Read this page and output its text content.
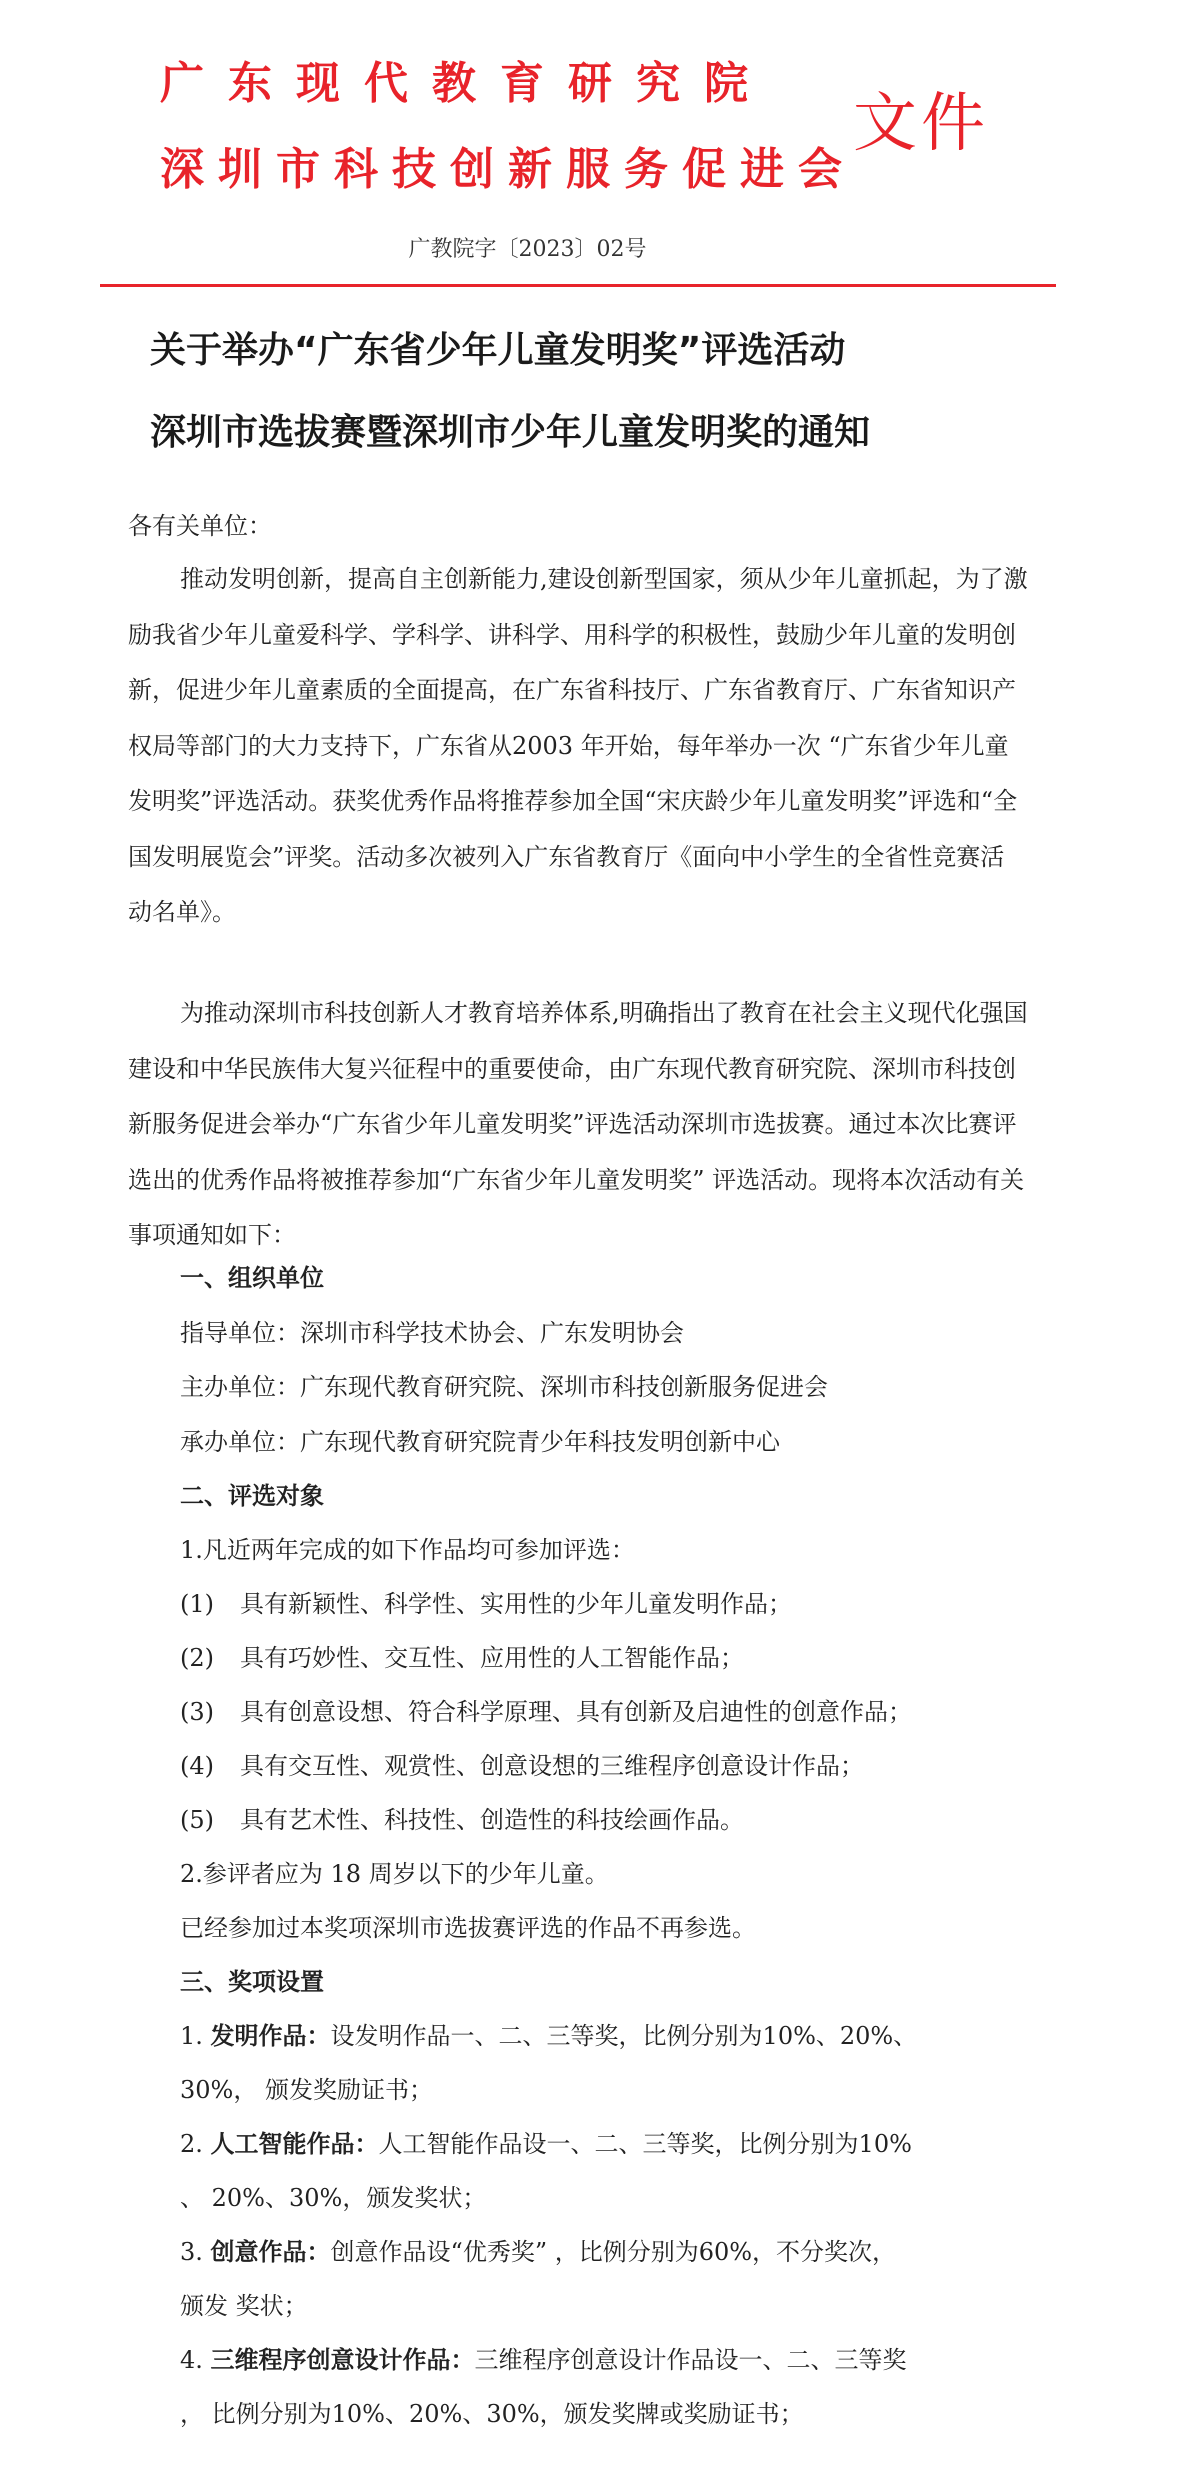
广东现代教育研究院
深圳市科技创新服务促进会
文件
广教院字〔2023〕02号
关于举办“广东省少年儿童发明奖”评选活动
深圳市选拔赛暨深圳市少年儿童发明奖的通知
各有关单位：

推动发明创新，提高自主创新能力,建设创新型国家，须从少年儿童抓起，为了激励我省少年儿童爱科学、学科学、讲科学、用科学的积极性，鼓励少年儿童的发明创新，促进少年儿童素质的全面提高，在广东省科技厅、广东省教育厅、广东省知识产权局等部门的大力支持下，广东省从2003 年开始，每年举办一次 “广东省少年儿童发明奖”评选活动。获奖优秀作品将推荐参加全国“宋庆龄少年儿童发明奖”评选和“全国发明展览会”评奖。活动多次被列入广东省教育厅《面向中小学生的全省性竞赛活动名单》。

为推动深圳市科技创新人才教育培养体系,明确指出了教育在社会主义现代化强国建设和中华民族伟大复兴征程中的重要使命，由广东现代教育研究院、深圳市科技创新服务促进会举办“广东省少年儿童发明奖”评选活动深圳市选拔赛。通过本次比赛评选出的优秀作品将被推荐参加“广东省少年儿童发明奖” 评选活动。现将本次活动有关事项通知如下：

一、组织单位
指导单位：深圳市科学技术协会、广东发明协会
主办单位：广东现代教育研究院、深圳市科技创新服务促进会
承办单位：广东现代教育研究院青少年科技发明创新中心
二、评选对象
1.凡近两年完成的如下作品均可参加评选：
(1) 具有新颖性、科学性、实用性的少年儿童发明作品；
(2) 具有巧妙性、交互性、应用性的人工智能作品；
(3) 具有创意设想、符合科学原理、具有创新及启迪性的创意作品；
(4) 具有交互性、观赏性、创意设想的三维程序创意设计作品；
(5) 具有艺术性、科技性、创造性的科技绘画作品。
2.参评者应为 18 周岁以下的少年儿童。
已经参加过本奖项深圳市选拔赛评选的作品不再参选。
三、奖项设置
1. 发明作品：设发明作品一、二、三等奖，比例分别为10%、20%、
30%， 颁发奖励证书；
2. 人工智能作品：人工智能作品设一、二、三等奖，比例分别为10%
、 20%、30%，颁发奖状；
3. 创意作品：创意作品设“优秀奖” ，比例分别为60%，不分奖次，
颁发 奖状；
4. 三维程序创意设计作品：三维程序创意设计作品设一、二、三等奖
， 比例分别为10%、20%、30%，颁发奖牌或奖励证书；
